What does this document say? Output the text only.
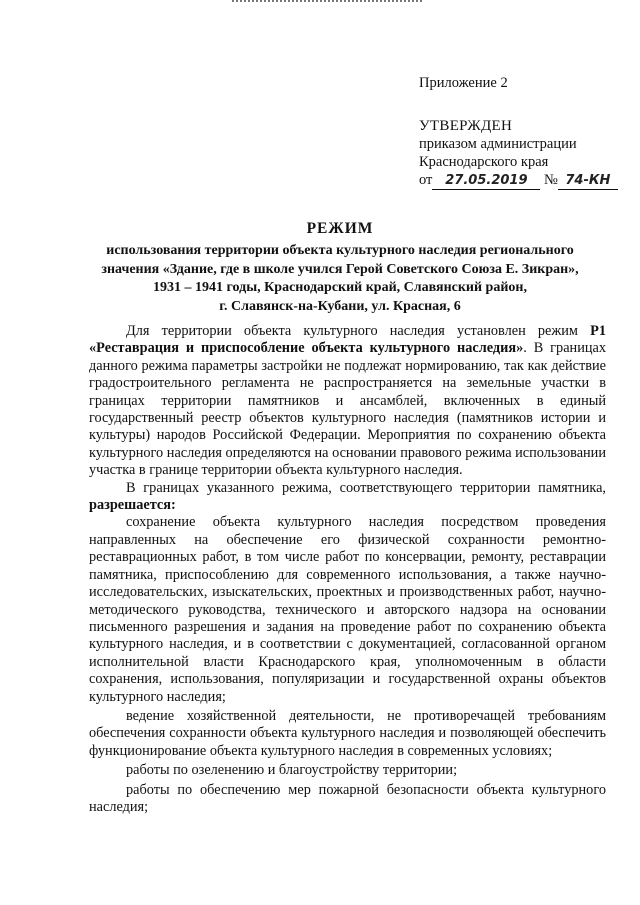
Приложение 2
УТВЕРЖДЕН
приказом администрации
Краснодарского края
от 27.05.2019 № 74-КН
РЕЖИМ
использования территории объекта культурного наследия регионального
значения «Здание, где в школе учился Герой Советского Союза Е. Зикран»,
1931 – 1941 годы, Краснодарский край, Славянский район,
г. Славянск-на-Кубани, ул. Красная, 6

Для территории объекта культурного наследия установлен режим Р1 «Реставрация и приспособление объекта культурного наследия». В границах данного режима параметры застройки не подлежат нормированию, так как действие градостроительного регламента не распространяется на земельные участки в границах территории памятников и ансамблей, включенных в единый государственный реестр объектов культурного наследия (памятников истории и культуры) народов Российской Федерации. Мероприятия по сохранению объекта культурного наследия определяются на основании правового режима использовании участка в границе территории объекта культурного наследия.

В границах указанного режима, соответствующего территории памятника, разрешается:

сохранение объекта культурного наследия посредством проведения направленных на обеспечение его физической сохранности ремонтно-реставрационных работ, в том числе работ по консервации, ремонту, реставрации памятника, приспособлению для современного использования, а также научно-исследовательских, изыскательских, проектных и производственных работ, научно-методического руководства, технического и авторского надзора на основании письменного разрешения и задания на проведение работ по сохранению объекта культурного наследия, и в соответствии с документацией, согласованной органом исполнительной власти Краснодарского края, уполномоченным в области сохранения, использования, популяризации и государственной охраны объектов культурного наследия;

ведение хозяйственной деятельности, не противоречащей требованиям обеспечения сохранности объекта культурного наследия и позволяющей обеспечить функционирование объекта культурного наследия в современных условиях;

работы по озеленению и благоустройству территории;

работы по обеспечению мер пожарной безопасности объекта культурного наследия;
